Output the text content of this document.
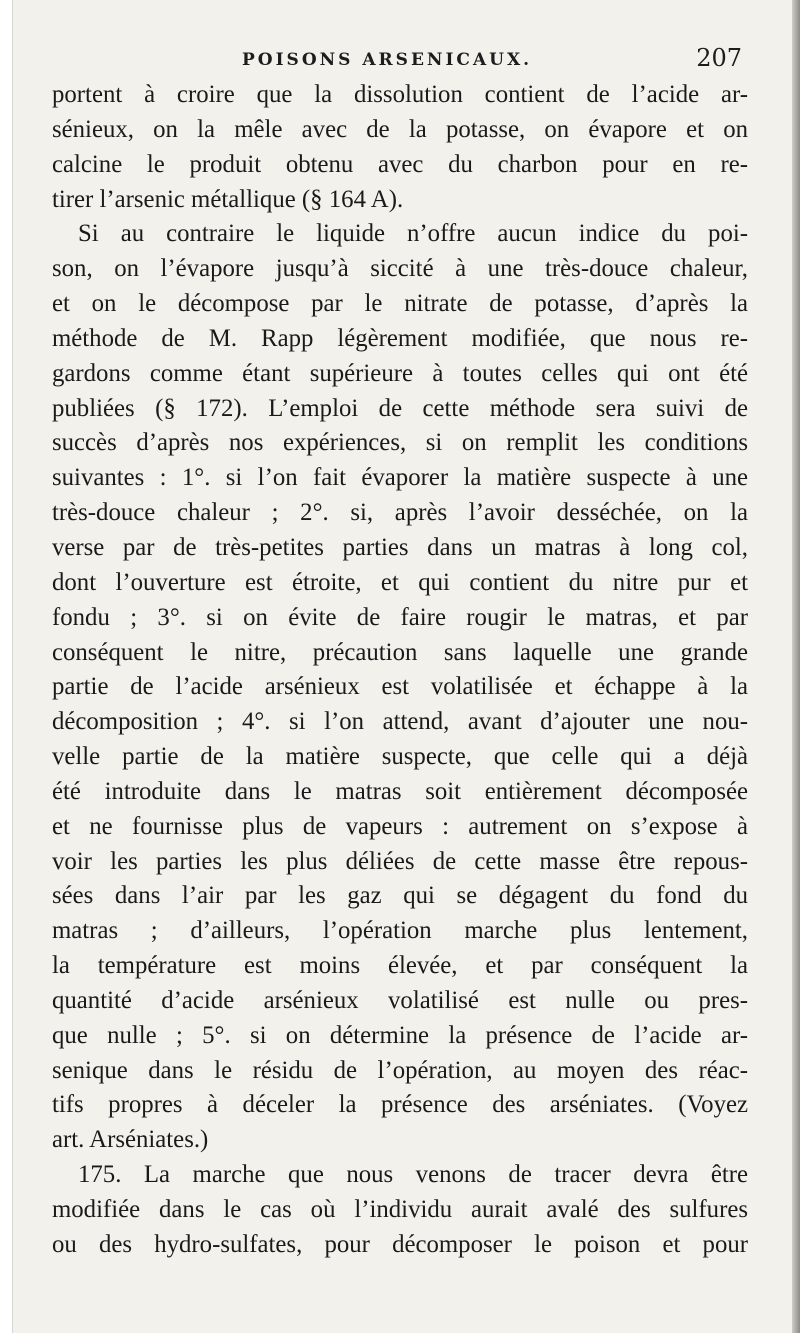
POISONS ARSENICAUX.	207
portent à croire que la dissolution contient de l’acide ar-
sénieux, on la mêle avec de la potasse, on évapore et on
calcine le produit obtenu avec du charbon pour en re-
tirer l’arsenic métallique (§ 164 A).
Si au contraire le liquide n’offre aucun indice du poi-
son, on l’évapore jusqu’à siccité à une très-douce chaleur,
et on le décompose par le nitrate de potasse, d’après la
méthode de M. Rapp légèrement modifiée, que nous re-
gardons comme étant supérieure à toutes celles qui ont été
publiées (§ 172). L’emploi de cette méthode sera suivi de
succès d’après nos expériences, si on remplit les conditions
suivantes : 1°. si l’on fait évaporer la matière suspecte à une
très-douce chaleur ; 2°. si, après l’avoir desséchée, on la
verse par de très-petites parties dans un matras à long col,
dont l’ouverture est étroite, et qui contient du nitre pur et
fondu ; 3°. si on évite de faire rougir le matras, et par
conséquent le nitre, précaution sans laquelle une grande
partie de l’acide arsénieux est volatilisée et échappe à la
décomposition ; 4°. si l’on attend, avant d’ajouter une nou-
velle partie de la matière suspecte, que celle qui a déjà
été introduite dans le matras soit entièrement décomposée
et ne fournisse plus de vapeurs : autrement on s’expose à
voir les parties les plus déliées de cette masse être repous-
sées dans l’air par les gaz qui se dégagent du fond du
matras ; d’ailleurs, l’opération marche plus lentement,
la température est moins élevée, et par conséquent la
quantité d’acide arsénieux volatilisé est nulle ou pres-
que nulle ; 5°. si on détermine la présence de l’acide ar-
senique dans le résidu de l’opération, au moyen des réac-
tifs propres à déceler la présence des arséniates. (Voyez
art. Arséniates.)
175. La marche que nous venons de tracer devra être
modifiée dans le cas où l’individu aurait avalé des sulfures
ou des hydro-sulfates, pour décomposer le poison et pour
